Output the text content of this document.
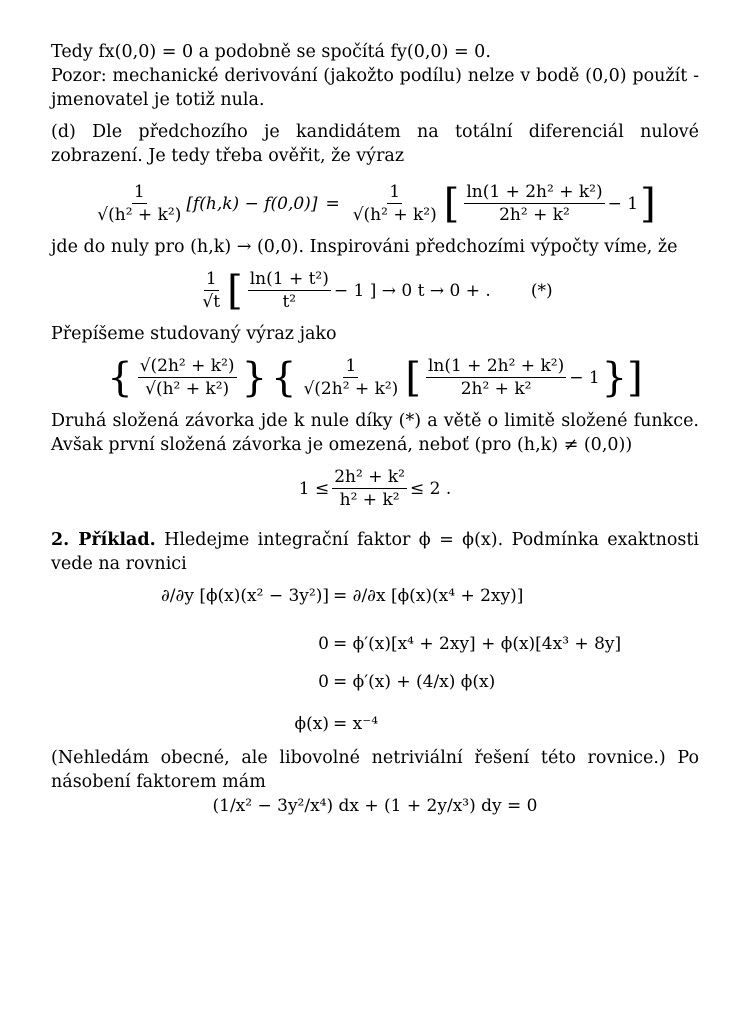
Tedy fx(0,0) = 0 a podobně se spočítá fy(0,0) = 0.
Pozor: mechanické derivování (jakožto podílu) nelze v bodě (0,0) použít - jmenovatel je totiž nula.

(d) Dle předchozího je kandidátem na totální diferenciál nulové zobrazení. Je tedy třeba ověřit, že výraz

$\frac{1}{\text{√(h² + k²)}} [f(h,k) - f(0,0)] = \frac{1}{\text{√(h² + k²)}}$ [ $\frac{\text{ln(1 + 2h² + k²)}}{\text{2h² + k²}} - 1$ ]

jde do nuly pro (h,k) → (0,0). Inspirováni předchozími výpočty víme, že

$\frac{1}{√t}$ [ $\frac{\text{ln(1 + t²)}}{\text{t²}} - 1$ ] → 0 t → 0 + . (*)

Přepíšeme studovaný výraz jako

{ $\frac{\text{√(2h² + k²)}}{\text{√(h² + k²)}}$ } { $\frac{1}{\text{√(2h² + k²)}}$ [ $\frac{\text{ln(1 + 2h² + k²)}}{\text{2h² + k²}} - 1$ }]

Druhá složená závorka jde k nule díky (*) a větě o limitě složené funkce. Avšak první složená závorka je omezená, neboť (pro (h,k) ≠ (0,0))

$1 \le \frac{\text{2h² + k²}}{\text{h² + k²}} \le 2$ .

2. Příklad. Hledejme integrační faktor ϕ = ϕ(x). Podmínka exaktnosti vede na rovnici

∂/∂y [ϕ(x)(x² − 3y²)] = ∂/∂x [ϕ(x)(x⁴ + 2xy)]
0 = ϕ′(x)[x⁴ + 2xy] + ϕ(x)[4x³ + 8y]
0 = ϕ′(x) + (4/x) ϕ(x)
ϕ(x) = x⁻⁴

(Nehledám obecné, ale libovolné netriviální řešení této rovnice.) Po násobení faktorem mám

(1/x² − 3y²/x⁴) dx + (1 + 2y/x³) dy = 0
